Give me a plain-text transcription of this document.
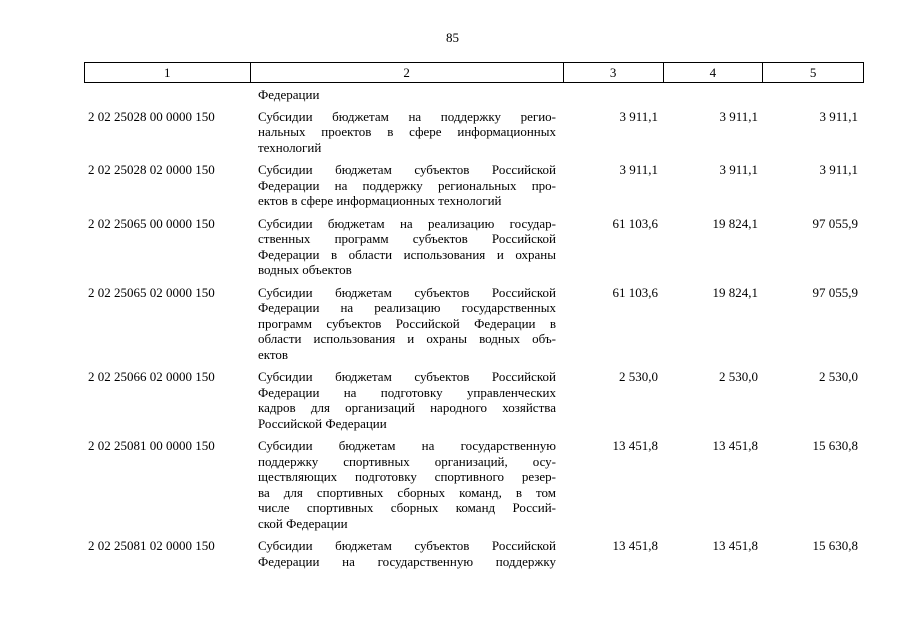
85
1	2	3	4	5
Федерации
2 02 25028 00 0000 150	Субсидии бюджетам на поддержку регио-
нальных проектов в сфере информационных
технологий
3 911,1	3 911,1	3 911,1
2 02 25028 02 0000 150	Субсидии бюджетам субъектов Российской
Федерации на поддержку региональных про-
ектов в сфере информационных технологий
3 911,1	3 911,1	3 911,1
2 02 25065 00 0000 150	Субсидии бюджетам на реализацию государ-
ственных программ субъектов Российской
Федерации в области использования и охраны
водных объектов
61 103,6	19 824,1	97 055,9
2 02 25065 02 0000 150	Субсидии бюджетам субъектов Российской
Федерации на реализацию государственных
программ субъектов Российской Федерации в
области использования и охраны водных объ-
ектов
61 103,6	19 824,1	97 055,9
2 02 25066 02 0000 150	Субсидии бюджетам субъектов Российской
Федерации на подготовку управленческих
кадров для организаций народного хозяйства
Российской Федерации
2 530,0	2 530,0	2 530,0
2 02 25081 00 0000 150	Субсидии бюджетам на государственную
поддержку спортивных организаций, осу-
ществляющих подготовку спортивного резер-
ва для спортивных сборных команд, в том
числе спортивных сборных команд Россий-
ской Федерации
13 451,8	13 451,8	15 630,8
2 02 25081 02 0000 150	Субсидии бюджетам субъектов Российской
Федерации на государственную поддержку
13 451,8	13 451,8	15 630,8
